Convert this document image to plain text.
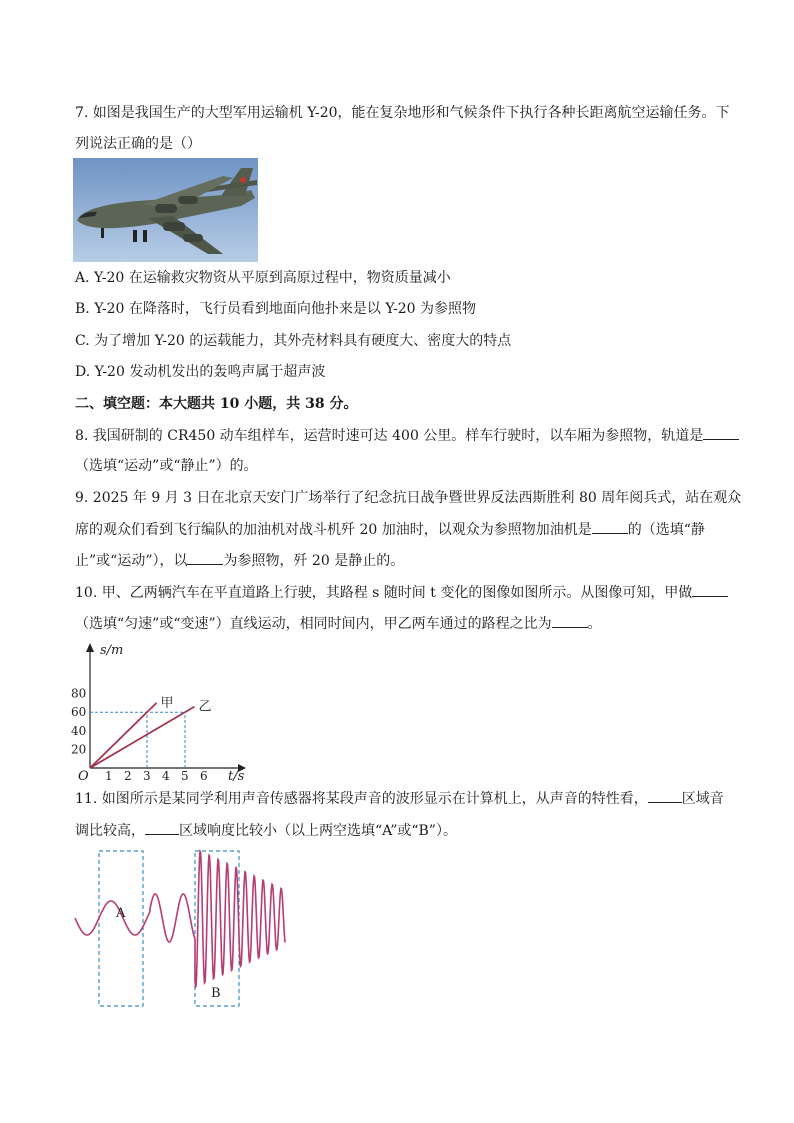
7. 如图是我国生产的大型军用运输机 Y-20，能在复杂地形和气候条件下执行各种长距离航空运输任务。下
列说法正确的是（）
A. Y-20 在运输救灾物资从平原到高原过程中，物资质量减小
B. Y-20 在降落时，飞行员看到地面向他扑来是以 Y-20 为参照物
C. 为了增加 Y-20 的运载能力，其外壳材料具有硬度大、密度大的特点
D. Y-20 发动机发出的轰鸣声属于超声波
二、填空题：本大题共 10 小题，共 38 分。
8. 我国研制的 CR450 动车组样车，运营时速可达 400 公里。样车行驶时，以车厢为参照物，轨道是
（选填“运动”或“静止”）的。
9. 2025 年 9 月 3 日在北京天安门广场举行了纪念抗日战争暨世界反法西斯胜利 80 周年阅兵式，站在观众
席的观众们看到飞行编队的加油机对战斗机歼 20 加油时，以观众为参照物加油机是	的（选填“静
止”或“运动”），以	为参照物，歼 20 是静止的。
10. 甲、乙两辆汽车在平直道路上行驶，其路程 s 随时间 t 变化的图像如图所示。从图像可知，甲做
（选填“匀速”或“变速”）直线运动，相同时间内，甲乙两车通过的路程之比为	。
s/m
t/s
O 1 2 3 4 5 6
20
40
60
80
甲 乙
11. 如图所示是某同学利用声音传感器将某段声音的波形显示在计算机上，从声音的特性看， 区域音
调比较高， 区域响度比较小（以上两空选填“A”或“B”）。
A
B
